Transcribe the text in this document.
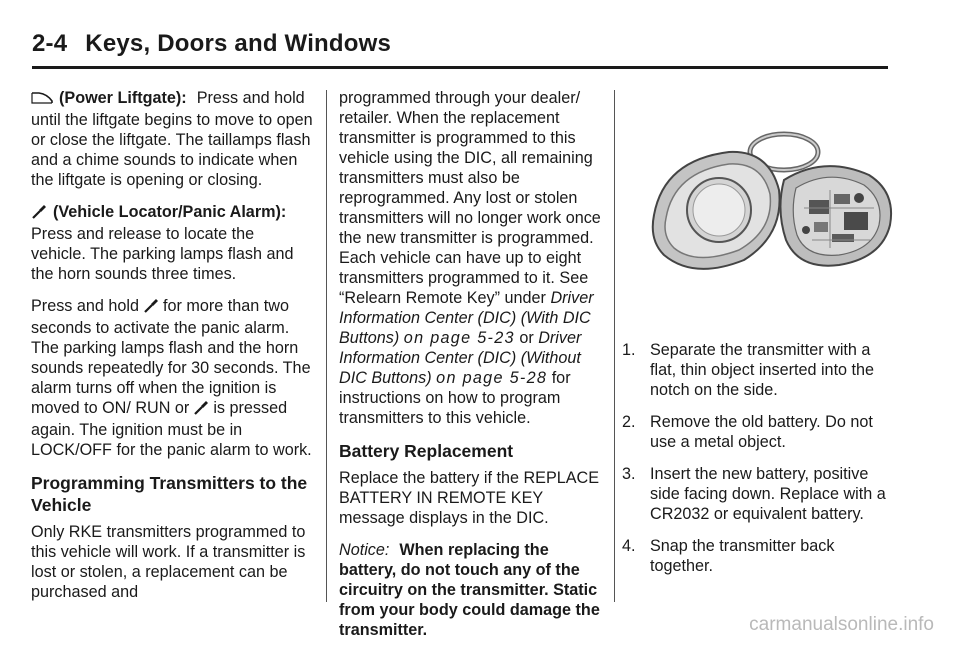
2-4 Keys, Doors and Windows

(Power Liftgate): Press and hold until the liftgate begins to move to open or close the liftgate. The taillamps flash and a chime sounds to indicate when the liftgate is opening or closing.

(Vehicle Locator/Panic Alarm):Press and release to locate the vehicle. The parking lamps flash and the horn sounds three times.

Press and hold for more than two seconds to activate the panic alarm. The parking lamps flash and the horn sounds repeatedly for 30 seconds. The alarm turns off when the ignition is moved to ON/ RUN or is pressed again. The ignition must be in LOCK/OFF for the panic alarm to work.

Programming Transmitters to the Vehicle

Only RKE transmitters programmed to this vehicle will work. If a transmitter is lost or stolen, a replacement can be purchased and

programmed through your dealer/ retailer. When the replacement transmitter is programmed to this vehicle using the DIC, all remaining transmitters must also be reprogrammed. Any lost or stolen transmitters will no longer work once the new transmitter is programmed. Each vehicle can have up to eight transmitters programmed to it. See “Relearn Remote Key” under Driver Information Center (DIC) (With DIC Buttons) on page 5‑23 or Driver Information Center (DIC) (Without DIC Buttons) on page 5‑28 for instructions on how to program transmitters to this vehicle.

Battery Replacement

Replace the battery if the REPLACE BATTERY IN REMOTE KEY message displays in the DIC.

Notice: When replacing the battery, do not touch any of the circuitry on the transmitter. Static from your body could damage the transmitter.

1. Separate the transmitter with a flat, thin object inserted into the notch on the side.
2. Remove the old battery. Do not use a metal object.
3. Insert the new battery, positive side facing down. Replace with a CR2032 or equivalent battery.
4. Snap the transmitter back together.
carmanualsonline.info
